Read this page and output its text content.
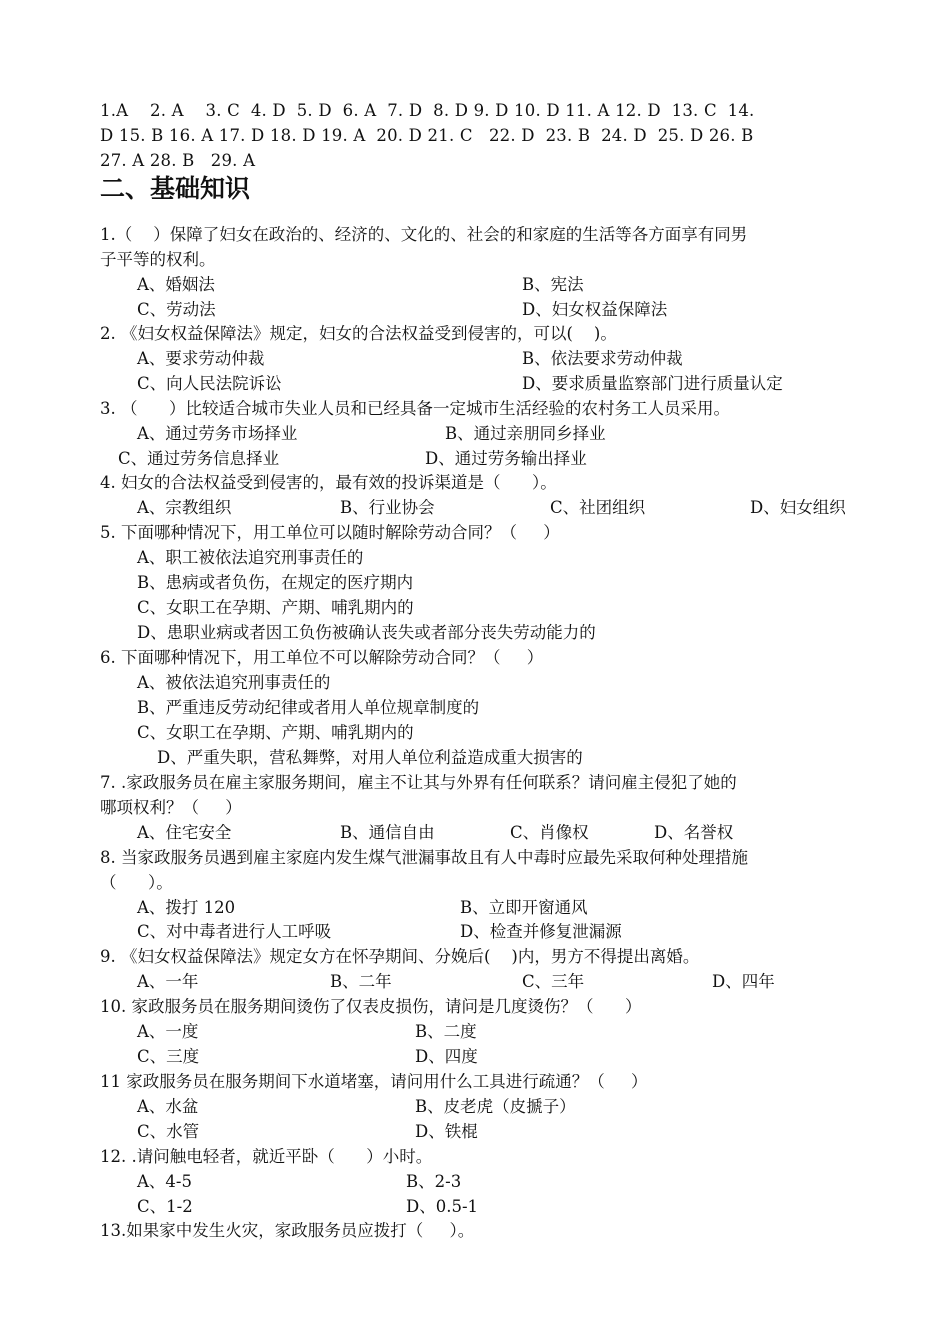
1.A    2. A    3. C  4. D  5. D  6. A  7. D  8. D 9. D 10. D 11. A 12. D  13. C  14.
D 15. B 16. A 17. D 18. D 19. A  20. D 21. C   22. D  23. B  24. D  25. D 26. B
27. A 28. B   29. A
二、基础知识
1.（    ）保障了妇女在政治的、经济的、文化的、社会的和家庭的生活等各方面享有同男
子平等的权利。
A、婚姻法	B、宪法
C、劳动法	D、妇女权益保障法
2. 《妇女权益保障法》规定，妇女的合法权益受到侵害的，可以(    )。
A、要求劳动仲裁	B、依法要求劳动仲裁
C、向人民法院诉讼	D、要求质量监察部门进行质量认定
3. （      ）比较适合城市失业人员和已经具备一定城市生活经验的农村务工人员采用。
A、通过劳务市场择业	B、通过亲朋同乡择业
C、通过劳务信息择业	D、通过劳务输出择业
4. 妇女的合法权益受到侵害的，最有效的投诉渠道是（      ）。
A、宗教组织	B、行业协会	C、社团组织	D、妇女组织
5. 下面哪种情况下，用工单位可以随时解除劳动合同？（     ）
A、职工被依法追究刑事责任的
B、患病或者负伤，在规定的医疗期内
C、女职工在孕期、产期、哺乳期内的
D、患职业病或者因工负伤被确认丧失或者部分丧失劳动能力的
6. 下面哪种情况下，用工单位不可以解除劳动合同？（     ）
A、被依法追究刑事责任的
B、严重违反劳动纪律或者用人单位规章制度的
C、女职工在孕期、产期、哺乳期内的
D、严重失职，营私舞弊，对用人单位利益造成重大损害的
7. .家政服务员在雇主家服务期间，雇主不让其与外界有任何联系？请问雇主侵犯了她的
哪项权利？（     ）
A、住宅安全	B、通信自由	C、肖像权	D、名誉权
8. 当家政服务员遇到雇主家庭内发生煤气泄漏事故且有人中毒时应最先采取何种处理措施
（      ）。
A、拨打 120	B、立即开窗通风
C、对中毒者进行人工呼吸	D、检查并修复泄漏源
9. 《妇女权益保障法》规定女方在怀孕期间、分娩后(    )内，男方不得提出离婚。
A、一年	B、二年	C、三年	D、四年
10. 家政服务员在服务期间烫伤了仅表皮损伤，请问是几度烫伤？（      ）
A、一度	B、二度
C、三度	D、四度
11 家政服务员在服务期间下水道堵塞，请问用什么工具进行疏通？（     ）
A、水盆	B、皮老虎（皮搋子）
C、水管	D、铁棍
12. .请问触电轻者，就近平卧（      ）小时。
A、4-5	B、2-3
C、1-2	D、0.5-1
13.如果家中发生火灾，家政服务员应拨打（     ）。
